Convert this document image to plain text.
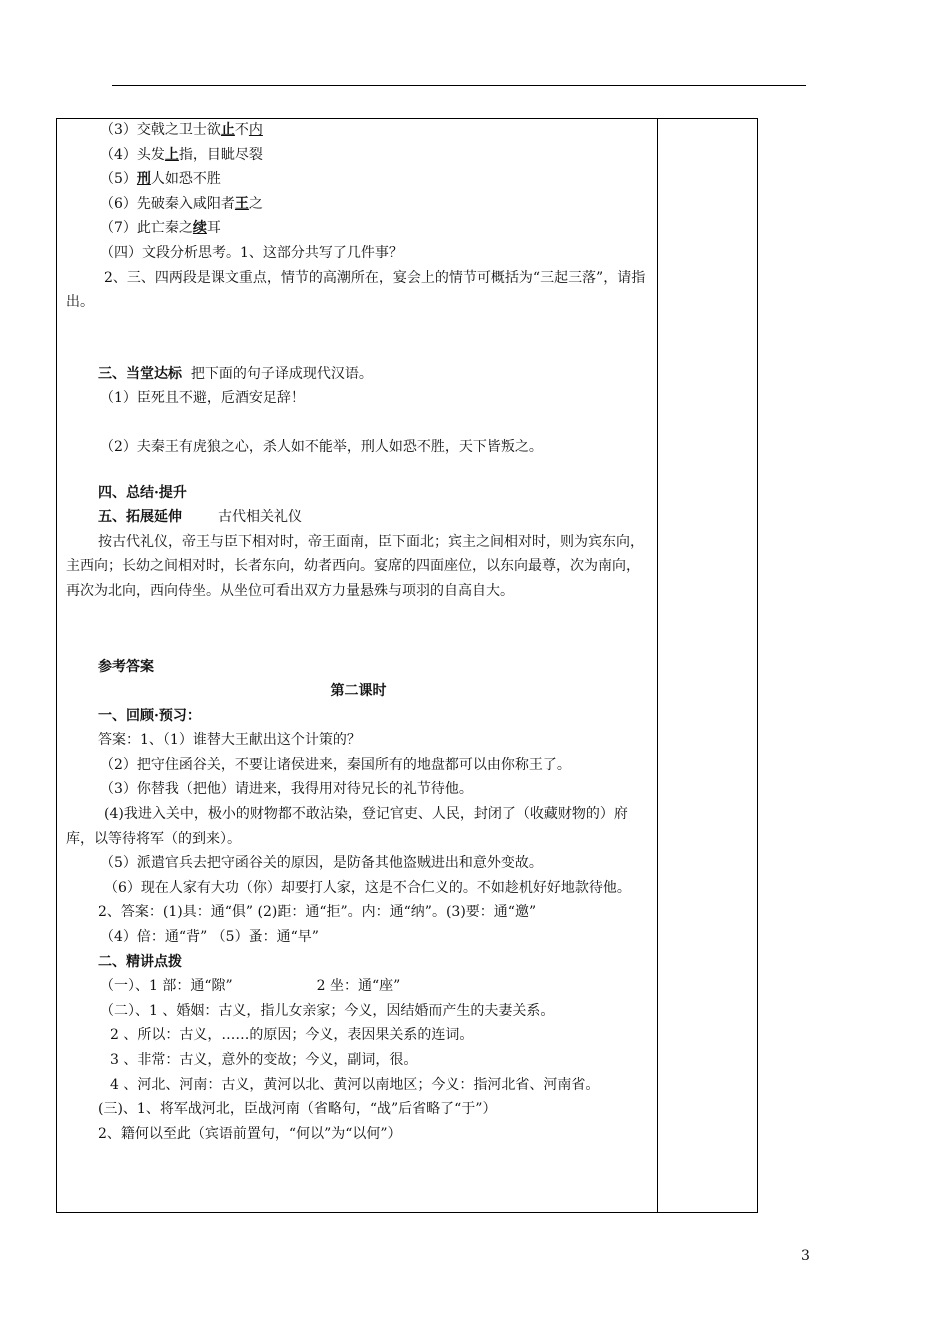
（3）交戟之卫士欲止不内
（4）头发上指，目眦尽裂
（5）刑人如恐不胜
（6）先破秦入咸阳者王之
（7）此亡秦之续耳
（四）文段分析思考。1、这部分共写了几件事？
2、三、四两段是课文重点，情节的高潮所在，宴会上的情节可概括为“三起三落”，请指出。
三、当堂达标 把下面的句子译成现代汉语。
（1）臣死且不避，卮酒安足辞！
（2）夫秦王有虎狼之心，杀人如不能举，刑人如恐不胜，天下皆叛之。
四、总结·提升
五、拓展延伸	古代相关礼仪
按古代礼仪，帝王与臣下相对时，帝王面南，臣下面北；宾主之间相对时，则为宾东向，主西向；长幼之间相对时，长者东向，幼者西向。宴席的四面座位，以东向最尊，次为南向，再次为北向，西向侍坐。从坐位可看出双方力量悬殊与项羽的自高自大。
参考答案
第二课时
一、回顾·预习：
答案：1、（1）谁替大王献出这个计策的？
（2）把守住函谷关，不要让诸侯进来，秦国所有的地盘都可以由你称王了。
（3）你替我（把他）请进来，我得用对待兄长的礼节待他。
(4)我进入关中，极小的财物都不敢沾染，登记官吏、人民，封闭了（收藏财物的）府库，以等待将军（的到来）。
（5）派遣官兵去把守函谷关的原因，是防备其他盗贼进出和意外变故。
（6）现在人家有大功（你）却要打人家，这是不合仁义的。不如趁机好好地款待他。
2、答案：(1)具：通“俱” (2)距：通“拒”。内：通“纳”。(3)要：通“邀”
（4）倍：通“背” （5）蚤：通“早”
二、精讲点拨
（一）、1 部：通“隙”	2 坐：通“座”
（二）、1 、婚姻：古义，指儿女亲家；今义，因结婚而产生的夫妻关系。
2 、所以：古义，……的原因；今义，表因果关系的连词。
3 、非常：古义，意外的变故；今义，副词，很。
4 、河北、河南：古义，黄河以北、黄河以南地区；今义：指河北省、河南省。
(三)、1、将军战河北，臣战河南（省略句，“战”后省略了“于”）
2、籍何以至此（宾语前置句，“何以”为“以何”）
3
